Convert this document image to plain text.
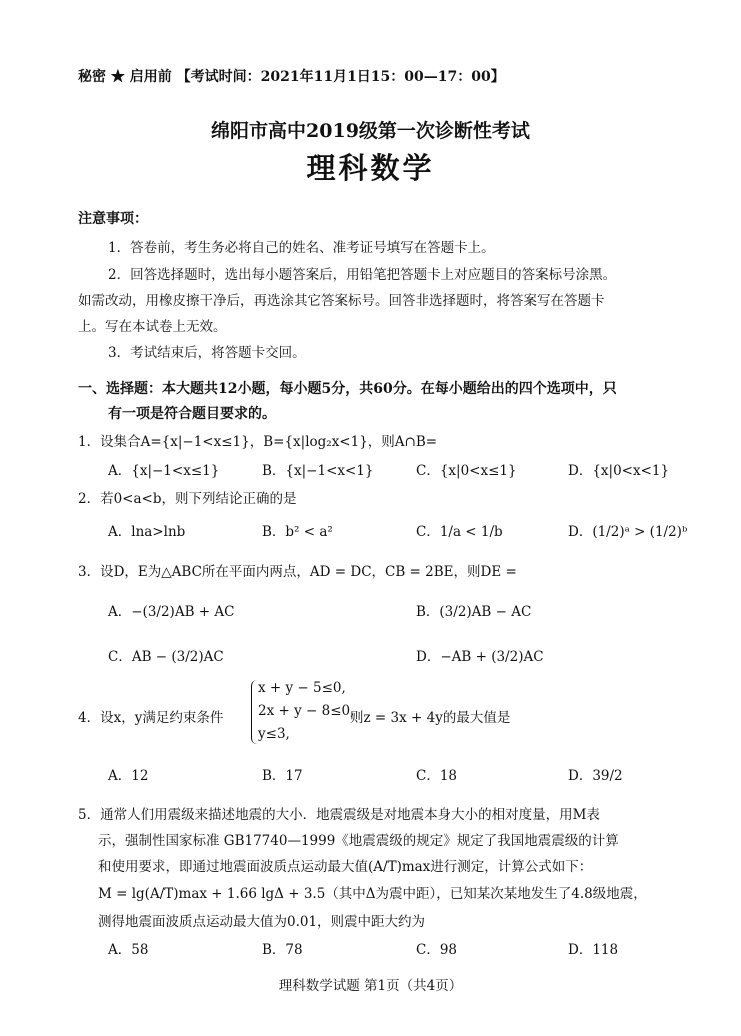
秘密 ★ 启用前 【考试时间：2021年11月1日15：00—17：00】
绵阳市高中2019级第一次诊断性考试
理科数学
注意事项：
1．答卷前，考生务必将自己的姓名、准考证号填写在答题卡上。
2．回答选择题时，选出每小题答案后，用铅笔把答题卡上对应题目的答案标号涂黑。
如需改动，用橡皮擦干净后，再选涂其它答案标号。回答非选择题时，将答案写在答题卡
上。写在本试卷上无效。
3．考试结束后，将答题卡交回。
一、选择题：本大题共12小题，每小题5分，共60分。在每小题给出的四个选项中，只
有一项是符合题目要求的。
1．设集合A={x|−1<x≤1}，B={x|log₂x<1}，则A∩B=
A．{x|−1<x≤1}	B．{x|−1<x<1}	C．{x|0<x≤1}	D．{x|0<x<1}
2．若0<a<b，则下列结论正确的是
A．lna>lnb	B．b² < a²	C．1/a < 1/b	D．(1/2)ᵃ > (1/2)ᵇ
3．设D，E为△ABC所在平面内两点，AD = DC，CB = 2BE，则DE =
A．−(3/2)AB + AC	B．(3/2)AB − AC
C．AB − (3/2)AC	D．−AB + (3/2)AC
4．设x，y满足约束条件
x + y − 5≤0,
2x + y − 8≤0,
y≤3,
则z = 3x + 4y的最大值是
A．12	B．17	C．18	D．39/2
5．通常人们用震级来描述地震的大小．地震震级是对地震本身大小的相对度量，用M表
示，强制性国家标准 GB17740—1999《地震震级的规定》规定了我国地震震级的计算
和使用要求，即通过地震面波质点运动最大值(A/T)max进行测定，计算公式如下：
M = lg(A/T)max + 1.66 lgΔ + 3.5（其中Δ为震中距），已知某次某地发生了4.8级地震，
测得地震面波质点运动最大值为0.01，则震中距大约为
A．58	B．78	C．98	D．118
理科数学试题 第1页（共4页）
